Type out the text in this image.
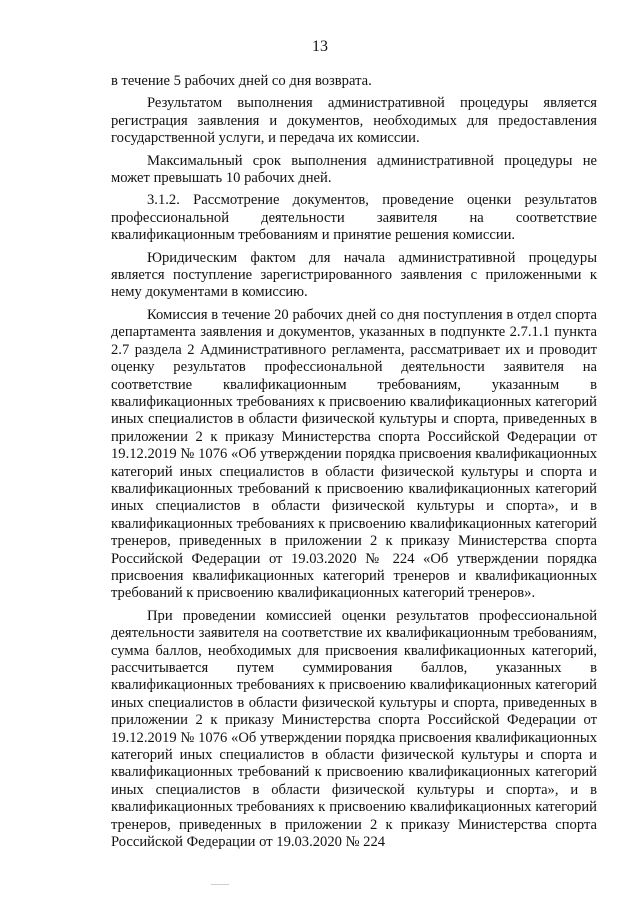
13

в течение 5 рабочих дней со дня возврата.

Результатом выполнения административной процедуры является регистрация заявления и документов, необходимых для предоставления государственной услуги, и передача их комиссии.

Максимальный срок выполнения административной процедуры не может превышать 10 рабочих дней.

3.1.2. Рассмотрение документов, проведение оценки результатов профессиональной деятельности заявителя на соответствие квалификационным требованиям и принятие решения комиссии.

Юридическим фактом для начала административной процедуры является поступление зарегистрированного заявления с приложенными к нему документами в комиссию.

Комиссия в течение 20 рабочих дней со дня поступления в отдел спорта департамента заявления и документов, указанных в подпункте 2.7.1.1 пункта 2.7 раздела 2 Административного регламента, рассматривает их и проводит оценку результатов профессиональной деятельности заявителя на соответствие квалификационным требованиям, указанным в квалификационных требованиях к присвоению квалификационных категорий иных специалистов в области физической культуры и спорта, приведенных в приложении 2 к приказу Министерства спорта Российской Федерации от 19.12.2019 № 1076 «Об утверждении порядка присвоения квалификационных категорий иных специалистов в области физической культуры и спорта и квалификационных требований к присвоению квалификационных категорий иных специалистов в области физической культуры и спорта», и в квалификационных требованиях к присвоению квалификационных категорий тренеров, приведенных в приложении 2 к приказу Министерства спорта Российской Федерации от 19.03.2020 № 224 «Об утверждении порядка присвоения квалификационных категорий тренеров и квалификационных требований к присвоению квалификационных категорий тренеров».

При проведении комиссией оценки результатов профессиональной деятельности заявителя на соответствие их квалификационным требованиям, сумма баллов, необходимых для присвоения квалификационных категорий, рассчитывается путем суммирования баллов, указанных в квалификационных требованиях к присвоению квалификационных категорий иных специалистов в области физической культуры и спорта, приведенных в приложении 2 к приказу Министерства спорта Российской Федерации от 19.12.2019 № 1076 «Об утверждении порядка присвоения квалификационных категорий иных специалистов в области физической культуры и спорта и квалификационных требований к присвоению квалификационных категорий иных специалистов в области физической культуры и спорта», и в квалификационных требованиях к присвоению квалификационных категорий тренеров, приведенных в приложении 2 к приказу Министерства спорта Российской Федерации от 19.03.2020 № 224
